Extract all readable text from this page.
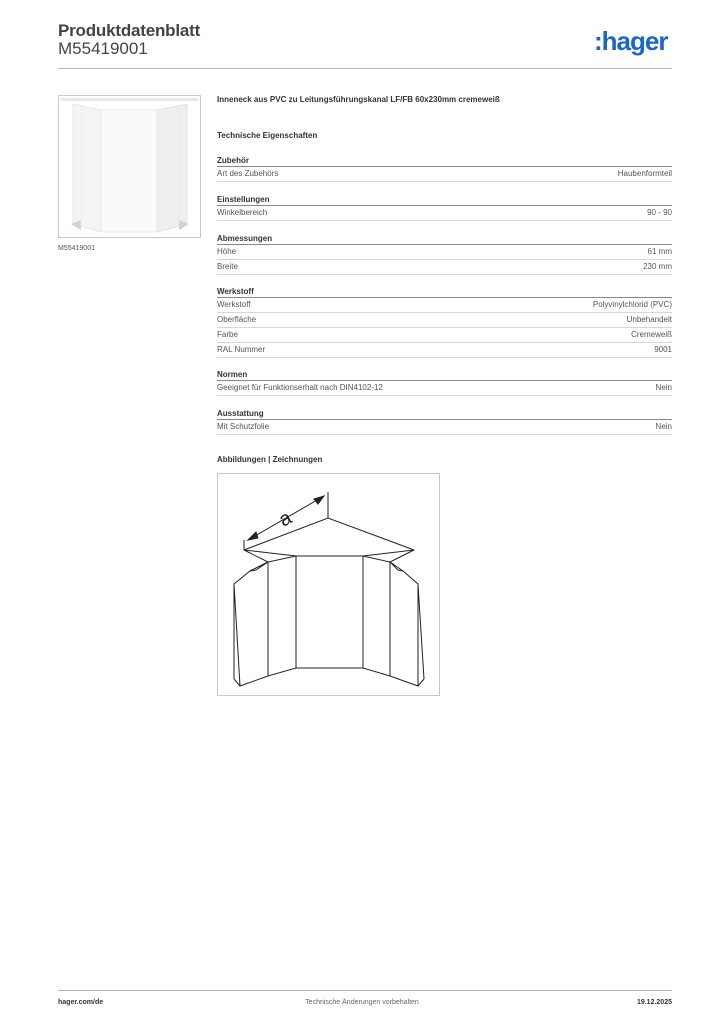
Produktdatenblatt
M55419001	:hager
M55419001
Inneneck aus PVC zu Leitungsführungskanal LF/FB 60x230mm cremeweiß
Technische Eigenschaften
Zubehör
Art des Zubehörs	Haubenformteil
Einstellungen
Winkelbereich	90 - 90
Abmessungen
Höhe	61 mm
Breite	230 mm
Werkstoff
Werkstoff	Polyvinylchlorid (PVC)
Oberfläche	Unbehandelt
Farbe	Cremeweiß
RAL Nummer	9001
Normen
Geeignet für Funktionserhalt nach DIN4102-12	Nein
Ausstattung
Mit Schutzfolie	Nein
Abbildungen | Zeichnungen
a
hager.com/de	Technische Änderungen vorbehalten	19.12.2025
